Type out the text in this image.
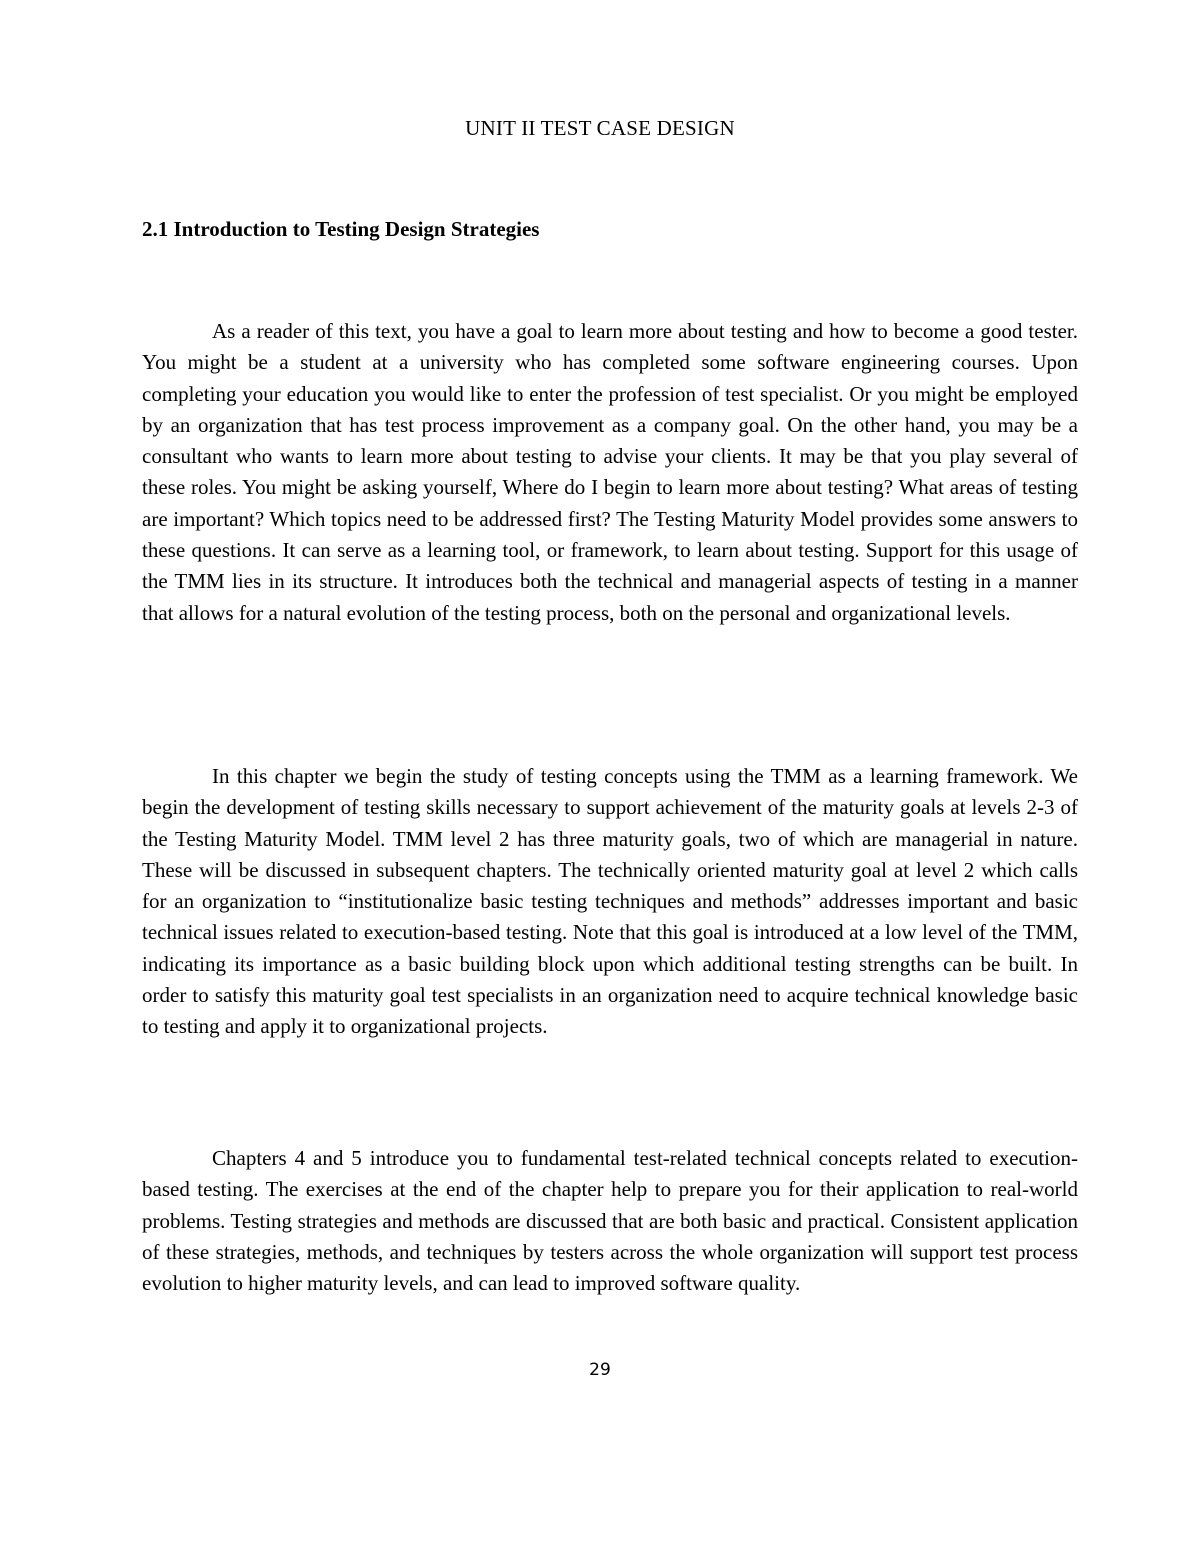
UNIT II TEST CASE DESIGN
2.1 Introduction to Testing Design Strategies

As a reader of this text, you have a goal to learn more about testing and how to become a good tester. You might be a student at a university who has completed some software engineering courses. Upon completing your education you would like to enter the profession of test specialist. Or you might be employed by an organization that has test process improvement as a company goal. On the other hand, you may be a consultant who wants to learn more about testing to advise your clients. It may be that you play several of these roles. You might be asking yourself, Where do I begin to learn more about testing? What areas of testing are important? Which topics need to be addressed first? The Testing Maturity Model provides some answers to these questions. It can serve as a learning tool, or framework, to learn about testing. Support for this usage of the TMM lies in its structure. It introduces both the technical and managerial aspects of testing in a manner that allows for a natural evolution of the testing process, both on the personal and organizational levels.

In this chapter we begin the study of testing concepts using the TMM as a learning framework. We begin the development of testing skills necessary to support achievement of the maturity goals at levels 2-3 of the Testing Maturity Model. TMM level 2 has three maturity goals, two of which are managerial in nature. These will be discussed in subsequent chapters. The technically oriented maturity goal at level 2 which calls for an organization to “institutionalize basic testing techniques and methods” addresses important and basic technical issues related to execution-based testing. Note that this goal is introduced at a low level of the TMM, indicating its importance as a basic building block upon which additional testing strengths can be built. In order to satisfy this maturity goal test specialists in an organization need to acquire technical knowledge basic to testing and apply it to organizational projects.

Chapters 4 and 5 introduce you to fundamental test-related technical concepts related to execution-based testing. The exercises at the end of the chapter help to prepare you for their application to real-world problems. Testing strategies and methods are discussed that are both basic and practical. Consistent application of these strategies, methods, and techniques by testers across the whole organization will support test process evolution to higher maturity levels, and can lead to improved software quality.

29
